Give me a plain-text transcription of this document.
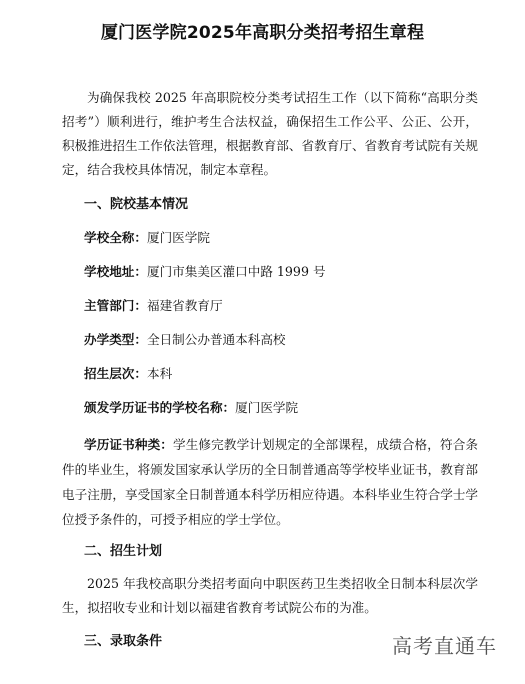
厦门医学院2025年高职分类招考招生章程
为确保我校 2025 年高职院校分类考试招生工作（以下简称“高职分类招考”）顺利进行，维护考生合法权益，确保招生工作公平、公正、公开，积极推进招生工作依法管理，根据教育部、省教育厅、省教育考试院有关规定，结合我校具体情况，制定本章程。
一、院校基本情况
学校全称：厦门医学院
学校地址：厦门市集美区灌口中路 1999 号
主管部门：福建省教育厅
办学类型：全日制公办普通本科高校
招生层次：本科
颁发学历证书的学校名称：厦门医学院
学历证书种类：学生修完教学计划规定的全部课程，成绩合格，符合条件的毕业生，将颁发国家承认学历的全日制普通高等学校毕业证书，教育部电子注册，享受国家全日制普通本科学历相应待遇。本科毕业生符合学士学位授予条件的，可授予相应的学士学位。
二、招生计划
2025 年我校高职分类招考面向中职医药卫生类招收全日制本科层次学生，拟招收专业和计划以福建省教育考试院公布的为准。
三、录取条件	高考直通车
